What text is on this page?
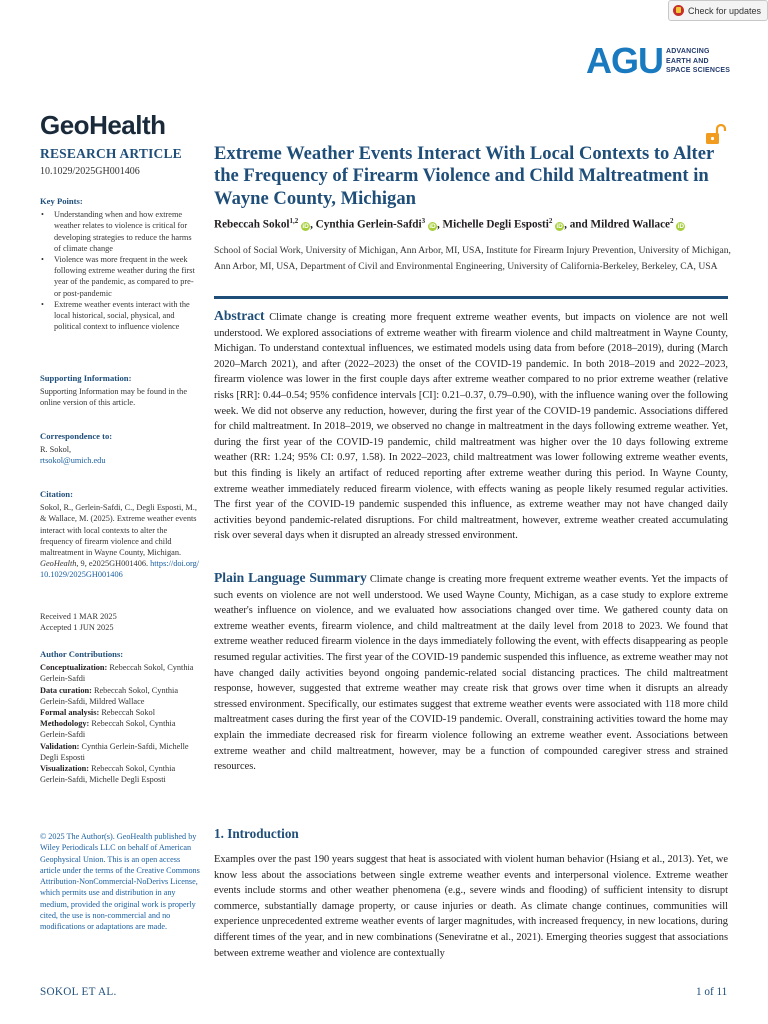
Check for updates
AGU ADVANCING
EARTH AND
SPACE SCIENCES
GeoHealth
RESEARCH ARTICLE
10.1029/2025GH001406
Key Points:
• Understanding when and how extreme weather relates to violence is critical for developing strategies to reduce the harms of climate change
• Violence was more frequent in the week following extreme weather during the first year of the pandemic, as compared to pre- or post-pandemic
• Extreme weather events interact with the local historical, social, physical, and political context to influence violence
Supporting Information:
Supporting Information may be found in the online version of this article.
Correspondence to:
R. Sokol,
rtsokol@umich.edu
Citation:
Sokol, R., Gerlein-Safdi, C., Degli Esposti, M., & Wallace, M. (2025). Extreme weather events interact with local contexts to alter the frequency of firearm violence and child maltreatment in Wayne County, Michigan. GeoHealth, 9, e2025GH001406. https://doi.org/10.1029/2025GH001406
Received 1 MAR 2025
Accepted 1 JUN 2025
Author Contributions:
Conceptualization: Rebeccah Sokol, Cynthia Gerlein-Safdi
Data curation: Rebeccah Sokol, Cynthia Gerlein-Safdi, Mildred Wallace
Formal analysis: Rebeccah Sokol
Methodology: Rebeccah Sokol, Cynthia Gerlein-Safdi
Validation: Cynthia Gerlein-Safdi, Michelle Degli Esposti
Visualization: Rebeccah Sokol, Cynthia Gerlein-Safdi, Michelle Degli Esposti
© 2025 The Author(s). GeoHealth published by Wiley Periodicals LLC on behalf of American Geophysical Union. This is an open access article under the terms of the Creative Commons Attribution-NonCommercial-NoDerivs License, which permits use and distribution in any medium, provided the original work is properly cited, the use is non-commercial and no modifications or adaptations are made.
Extreme Weather Events Interact With Local Contexts to Alter the Frequency of Firearm Violence and Child Maltreatment in Wayne County, Michigan
Rebeccah Sokol$^{1,2}$ iD, Cynthia Gerlein-Safdi$^3$ iD, Michelle Degli Esposti$^2$ iD, and Mildred Wallace$^2$ iD
School of Social Work, University of Michigan, Ann Arbor, MI, USA, Institute for Firearm Injury Prevention, University of Michigan, Ann Arbor, MI, USA, Department of Civil and Environmental Engineering, University of California-Berkeley, Berkeley, CA, USA
Abstract Climate change is creating more frequent extreme weather events, but impacts on violence are not well understood. We explored associations of extreme weather with firearm violence and child maltreatment in Wayne County, Michigan. To understand contextual influences, we estimated models using data from before (2018–2019), during (March 2020–March 2021), and after (2022–2023) the onset of the COVID-19 pandemic. In both 2018–2019 and 2022–2023, firearm violence was lower in the first couple days after extreme weather compared to no prior extreme weather (relative risks [RR]: 0.44–0.54; 95% confidence intervals [CI]: 0.21–0.37, 0.79–0.90), with the influence waning over the following week. We did not observe any reduction, however, during the first year of the COVID-19 pandemic. Associations differed for child maltreatment. In 2018–2019, we observed no change in maltreatment in the days following extreme weather. Yet, during the first year of the COVID-19 pandemic, child maltreatment was higher over the 10 days following extreme weather (RR: 1.24; 95% CI: 0.97, 1.58). In 2022–2023, child maltreatment was lower following extreme weather events, but this finding is likely an artifact of reduced reporting after extreme weather during this period. In Wayne County, extreme weather immediately reduced firearm violence, with effects waning as people likely resumed regular activities. The first year of the COVID-19 pandemic suspended this influence, as extreme weather may not have changed daily activities beyond pandemic-related disruptions. For child maltreatment, however, extreme weather created accumulating risk over several days when it disrupted an already stressed environment.
Plain Language Summary Climate change is creating more frequent extreme weather events. Yet the impacts of such events on violence are not well understood. We used Wayne County, Michigan, as a case study to explore extreme weather's influence on violence, and we evaluated how associations changed over time. We gathered county data on extreme weather events, firearm violence, and child maltreatment at the daily level from 2018 to 2023. We found that extreme weather reduced firearm violence in the days immediately following the event, with effects disappearing as people resumed regular activities. The first year of the COVID-19 pandemic suspended this influence, as extreme weather may not have changed daily activities beyond ongoing pandemic-related social distancing practices. The child maltreatment response, however, suggested that extreme weather may create risk that grows over time when it disrupts an already stressed environment. Specifically, our estimates suggest that extreme weather events were associated with 118 more child maltreatment cases during the first year of the COVID-19 pandemic. Overall, constraining activities toward the home may explain the immediate decreased risk for firearm violence following an extreme weather event. Associations between extreme weather and child maltreatment, however, may be a function of compounded caregiver stress and strained resources.
1. Introduction
Examples over the past 190 years suggest that heat is associated with violent human behavior (Hsiang et al., 2013). Yet, we know less about the associations between single extreme weather events and interpersonal violence. Extreme weather events include storms and other weather phenomena (e.g., severe winds and flooding) of sufficient intensity to disrupt commerce, substantially damage property, or cause injuries or death. As climate change continues, communities will experience unprecedented extreme weather events of larger magnitudes, with increased frequency, in new locations, during different times of the year, and in new combinations (Seneviratne et al., 2021). Emerging theories suggest that associations between extreme weather and violence are contextually
SOKOL ET AL.	1 of 11
